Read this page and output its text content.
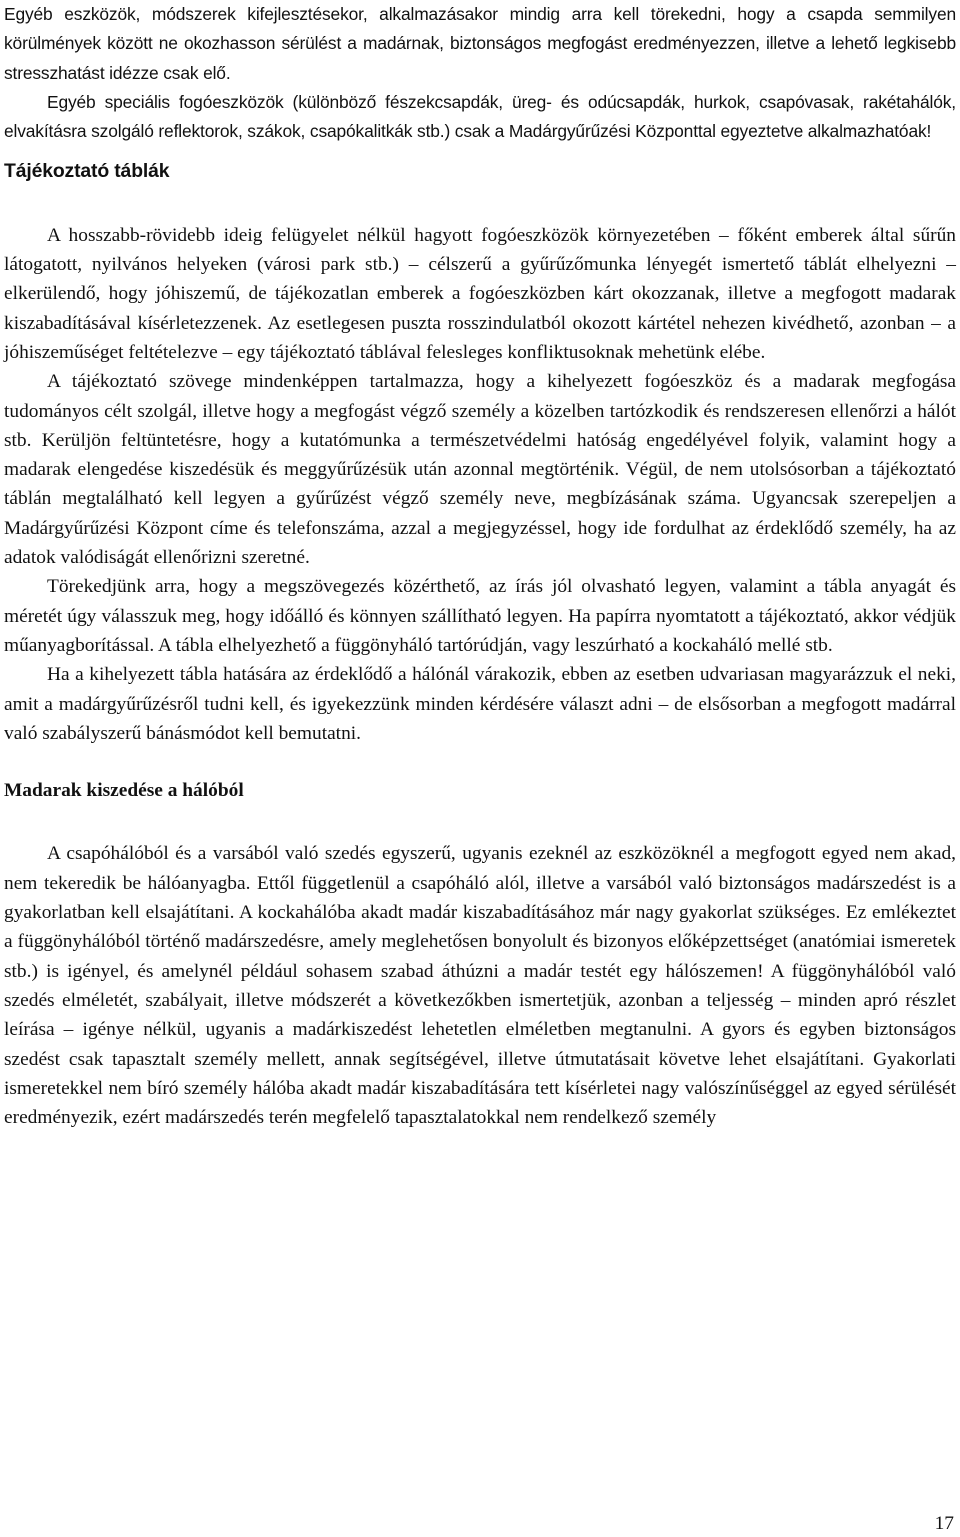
Egyéb eszközök, módszerek kifejlesztésekor, alkalmazásakor mindig arra kell törekedni, hogy a csapda semmilyen körülmények között ne okozhasson sérülést a madárnak, biztonságos megfogást eredményezzen, illetve a lehető legkisebb stresszhatást idézze csak elő.

Egyéb speciális fogóeszközök (különböző fészekcsapdák, üreg- és odúcsapdák, hurkok, csapóvasak, rakétahálók, elvakításra szolgáló reflektorok, szákok, csapókalitkák stb.) csak a Madárgyűrűzési Központtal egyeztetve alkalmazhatóak!

Tájékoztató táblák

A hosszabb-rövidebb ideig felügyelet nélkül hagyott fogóeszközök környezetében – főként emberek által sűrűn látogatott, nyilvános helyeken (városi park stb.) – célszerű a gyűrűzőmunka lényegét ismertető táblát elhelyezni – elkerülendő, hogy jóhiszemű, de tájékozatlan emberek a fogóeszközben kárt okozzanak, illetve a megfogott madarak kiszabadításával kísérletezzenek. Az esetlegesen puszta rosszindulatból okozott kártétel nehezen kivédhető, azonban – a jóhiszeműséget feltételezve – egy tájékoztató táblával felesleges konfliktusoknak mehetünk elébe.

A tájékoztató szövege mindenképpen tartalmazza, hogy a kihelyezett fogóeszköz és a madarak megfogása tudományos célt szolgál, illetve hogy a megfogást végző személy a közelben tartózkodik és rendszeresen ellenőrzi a hálót stb. Kerüljön feltüntetésre, hogy a kutatómunka a természetvédelmi hatóság engedélyével folyik, valamint hogy a madarak elengedése kiszedésük és meggyűrűzésük után azonnal megtörténik. Végül, de nem utolsósorban a tájékoztató táblán megtalálható kell legyen a gyűrűzést végző személy neve, megbízásának száma. Ugyancsak szerepeljen a Madárgyűrűzési Központ címe és telefonszáma, azzal a megjegyzéssel, hogy ide fordulhat az érdeklődő személy, ha az adatok valódiságát ellenőrizni szeretné.

Törekedjünk arra, hogy a megszövegezés közérthető, az írás jól olvasható legyen, valamint a tábla anyagát és méretét úgy válasszuk meg, hogy időálló és könnyen szállítható legyen. Ha papírra nyomtatott a tájékoztató, akkor védjük műanyagborítással. A tábla elhelyezhető a függönyháló tartórúdján, vagy leszúrható a kockaháló mellé stb.

Ha a kihelyezett tábla hatására az érdeklődő a hálónál várakozik, ebben az esetben udvariasan magyarázzuk el neki, amit a madárgyűrűzésről tudni kell, és igyekezzünk minden kérdésére választ adni – de elsősorban a megfogott madárral való szabályszerű bánásmódot kell bemutatni.

Madarak kiszedése a hálóból

A csapóhálóból és a varsából való szedés egyszerű, ugyanis ezeknél az eszközöknél a megfogott egyed nem akad, nem tekeredik be hálóanyagba. Ettől függetlenül a csapóháló alól, illetve a varsából való biztonságos madárszedést is a gyakorlatban kell elsajátítani. A kockahálóba akadt madár kiszabadításához már nagy gyakorlat szükséges. Ez emlékeztet a függönyhálóból történő madárszedésre, amely meglehetősen bonyolult és bizonyos előképzettséget (anatómiai ismeretek stb.) is igényel, és amelynél például sohasem szabad áthúzni a madár testét egy hálószemen! A függönyhálóból való szedés elméletét, szabályait, illetve módszerét a következőkben ismertetjük, azonban a teljesség – minden apró részlet leírása – igénye nélkül, ugyanis a madárkiszedést lehetetlen elméletben megtanulni. A gyors és egyben biztonságos szedést csak tapasztalt személy mellett, annak segítségével, illetve útmutatásait követve lehet elsajátítani. Gyakorlati ismeretekkel nem bíró személy hálóba akadt madár kiszabadítására tett kísérletei nagy valószínűséggel az egyed sérülését eredményezik, ezért madárszedés terén megfelelő tapasztalatokkal nem rendelkező személy

17
